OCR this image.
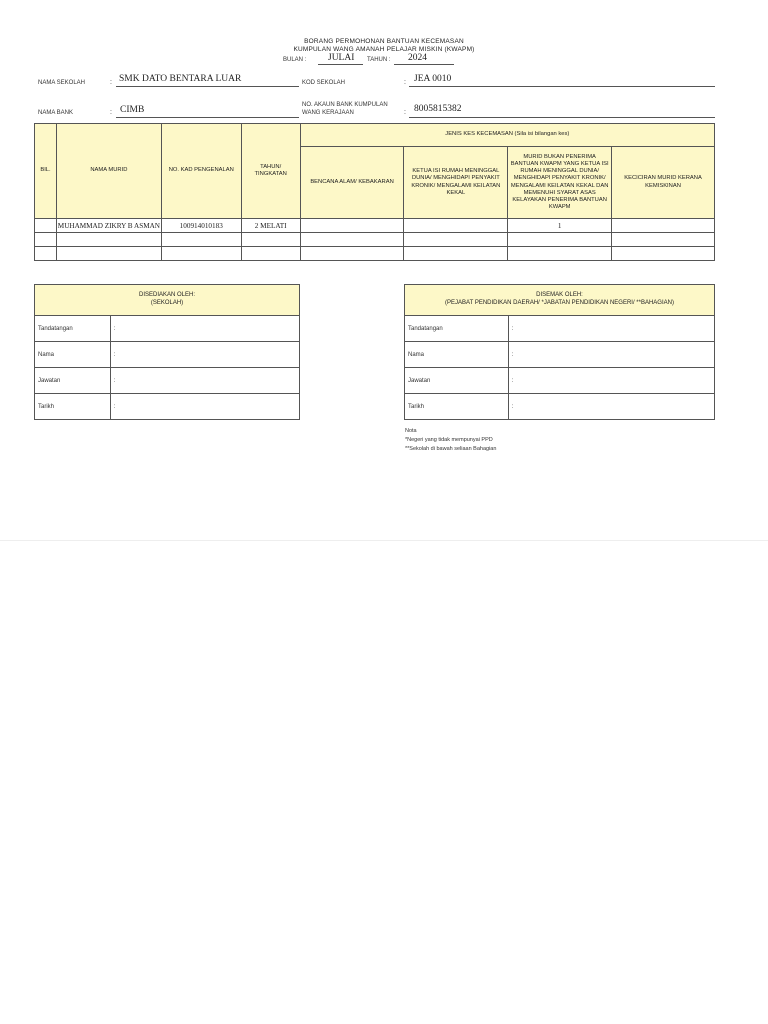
BORANG PERMOHONAN BANTUAN KECEMASAN
KUMPULAN WANG AMANAH PELAJAR MISKIN (KWAPM)
BULAN : JULAI TAHUN : 2024
NAMA SEKOLAH	: SMK DATO BENTARA LUAR	KOD SEKOLAH	: JEA 0010
NAMA BANK	: CIMB	NO. AKAUN BANK KUMPULAN
WANG KERAJAAN	: 8005815382
BIL.	NAMA MURID	NO. KAD PENGENALAN	TAHUN/ TINGKATAN	JENIS KES KECEMASAN (Sila isi bilangan kes)			
				BENCANA ALAM/ KEBAKARAN	KETUA ISI RUMAH MENINGGAL DUNIA/ MENGHIDAPI PENYAKIT KRONIK/ MENGALAMI KEILATAN KEKAL	MURID BUKAN PENERIMA BANTUAN KWAPM YANG KETUA ISI RUMAH MENINGGAL DUNIA/ MENGHIDAPI PENYAKIT KRONIK/ MENGALAMI KEILATAN KEKAL DAN MEMENUHI SYARAT ASAS KELAYAKAN PENERIMA BANTUAN KWAPM	KECICIRAN MURID KERANA KEMISKINAN
	MUHAMMAD ZIKRY B ASMAN	100914010183	2 MELATI			1	

DISEDIAKAN OLEH:
(SEKOLAH)	

Tandatangan	:
Nama	:
Jawatan	:
Tarikh	:
DISEMAK OLEH:
(PEJABAT PENDIDIKAN DAERAH/ *JABATAN PENDIDIKAN NEGERI/ **BAHAGIAN)	

Tandatangan	:
Nama	:
Jawatan	:
Tarikh	:
Nota
*Negeri yang tidak mempunyai PPD
**Sekolah di bawah seliaan Bahagian
